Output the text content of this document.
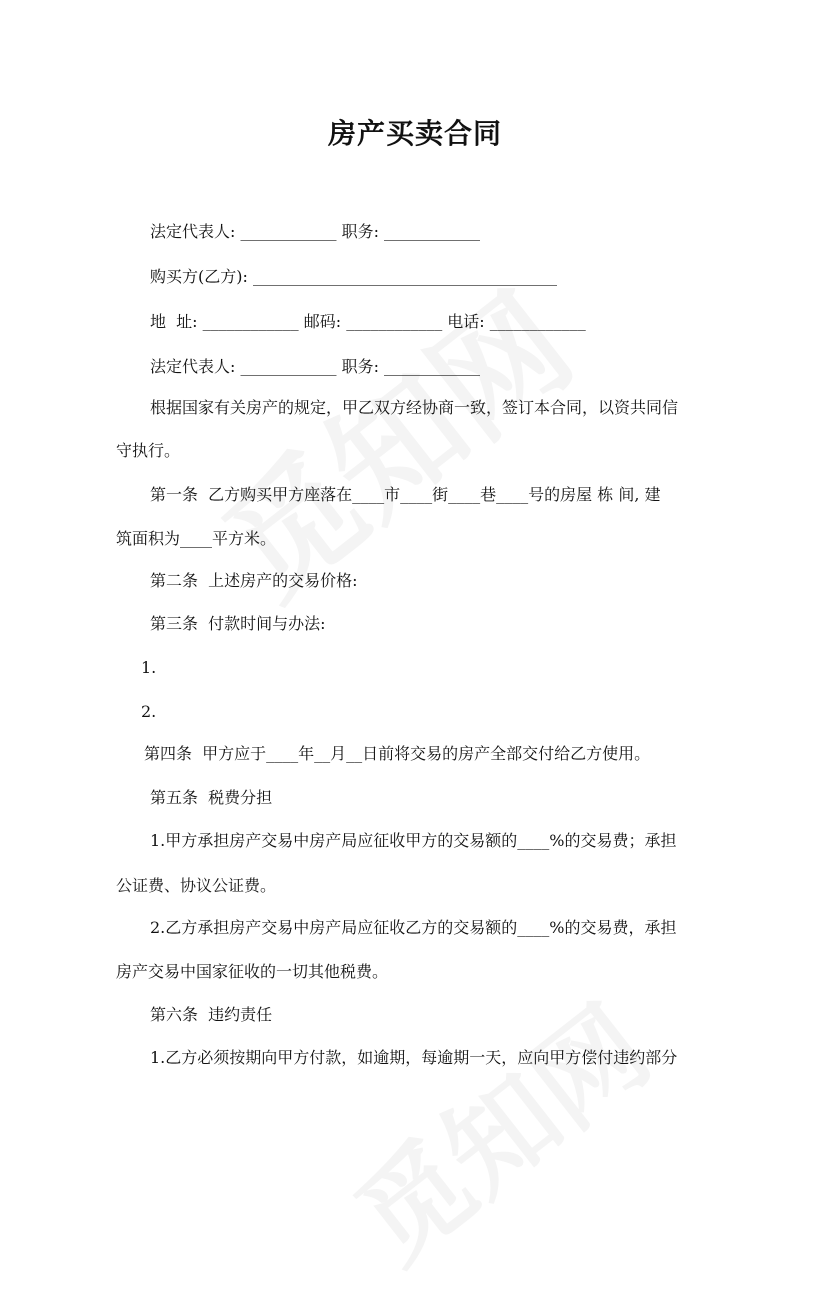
房产买卖合同
法定代表人: ____________ 职务: ____________
购买方(乙方): ______________________________________
地  址: ____________ 邮码: ____________ 电话: ____________
法定代表人: ____________ 职务: ____________
根据国家有关房产的规定，甲乙双方经协商一致，签订本合同，以资共同信
守执行。
第一条  乙方购买甲方座落在____市____街____巷____号的房屋 栋 间, 建
筑面积为____平方米。
第二条  上述房产的交易价格:
第三条  付款时间与办法:
1.
2.
第四条  甲方应于____年__月__日前将交易的房产全部交付给乙方使用。
第五条  税费分担
1.甲方承担房产交易中房产局应征收甲方的交易额的____%的交易费；承担
公证费、协议公证费。
2.乙方承担房产交易中房产局应征收乙方的交易额的____%的交易费，承担
房产交易中国家征收的一切其他税费。
第六条  违约责任
1.乙方必须按期向甲方付款，如逾期，每逾期一天，应向甲方偿付违约部分
